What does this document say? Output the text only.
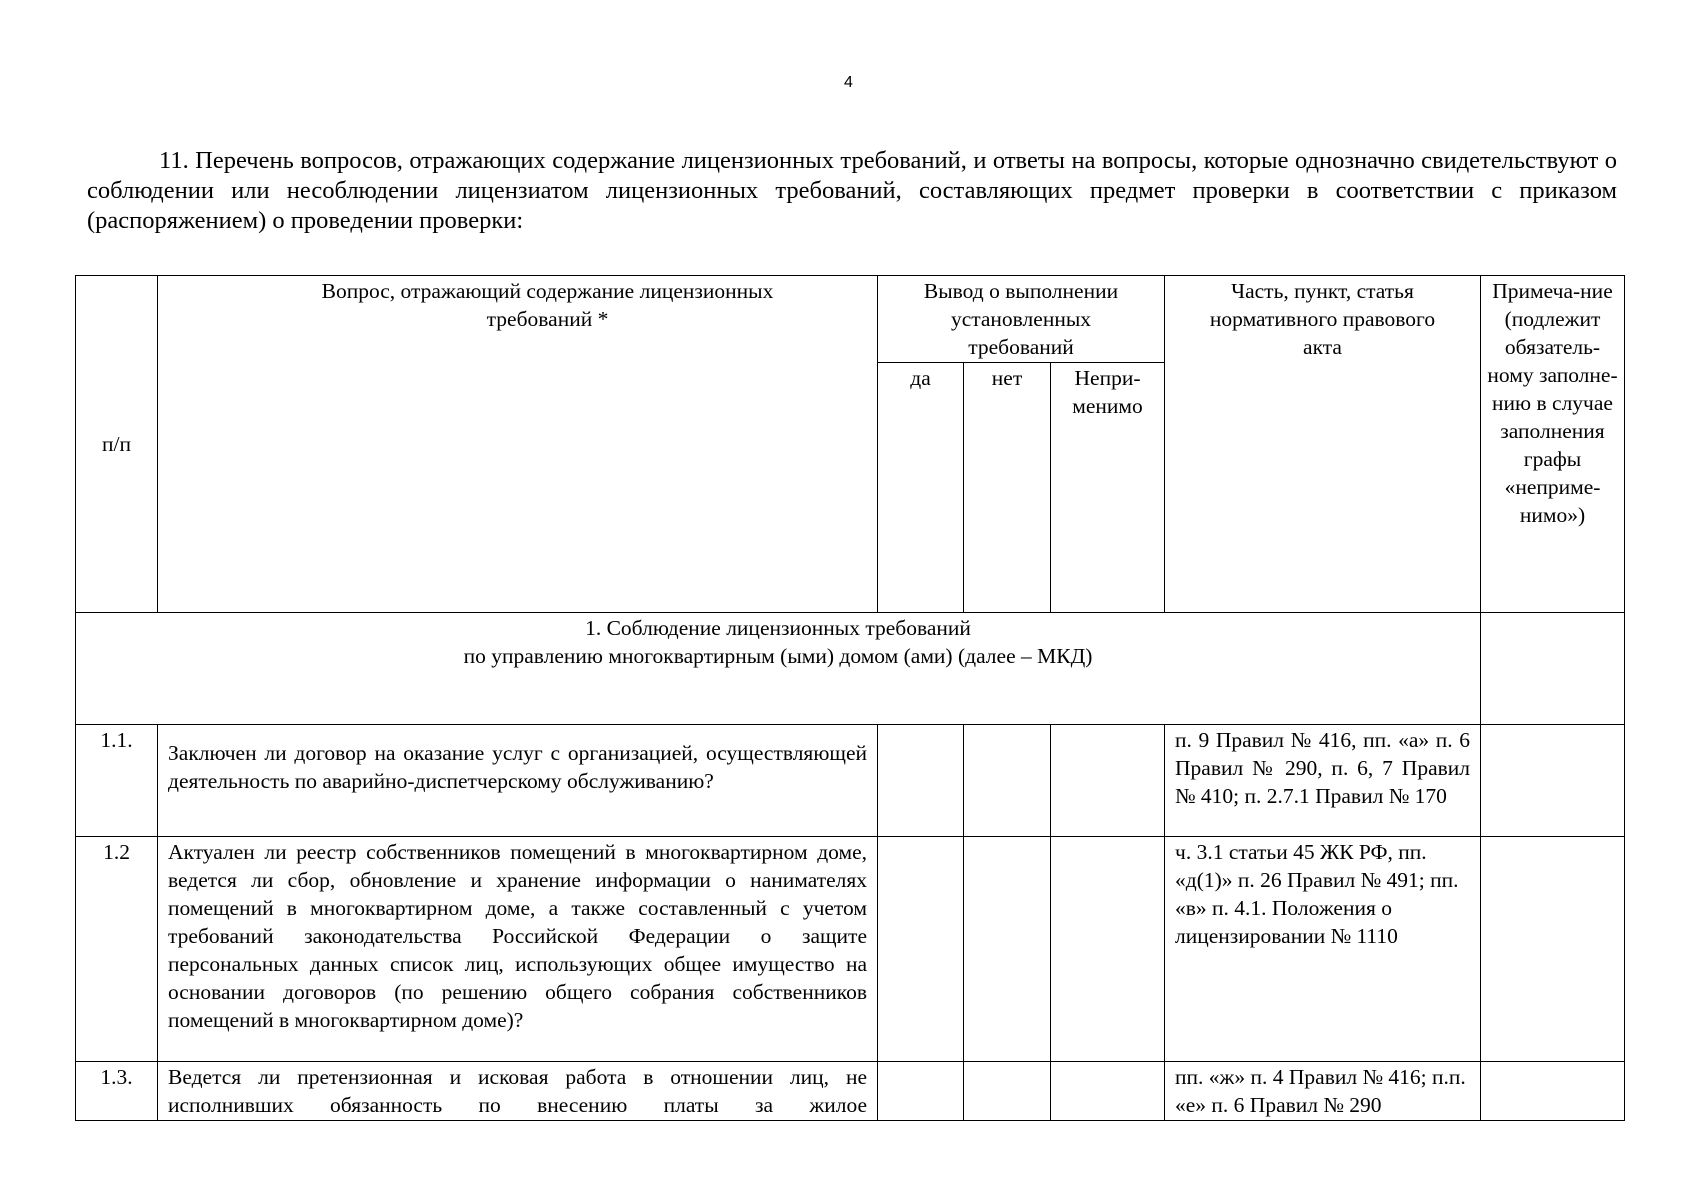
4

11. Перечень вопросов, отражающих содержание лицензионных требований, и ответы на вопросы, которые однозначно свидетельствуют о соблюдении или несоблюдении лицензиатом лицензионных требований, составляющих предмет проверки в соответствии с приказом (распоряжением) о проведении проверки:

п/п	Вопрос, отражающий содержание лицензионных требований *	Вывод о выполнении установленных требований			Часть, пункт, статья нормативного правового акта	Примеча-ние (подлежит обязатель-ному заполне-нию в случае заполнения графы «неприме-нимо»)
		да	нет	Непри-менимо		

1. Соблюдение лицензионных требований
по управлению многоквартирным (ыми) домом (ами) (далее – МКД)						

1.1.	Заключен ли договор на оказание услуг с организацией, осуществляющей деятельность по аварийно-диспетчерскому обслуживанию?				п. 9 Правил № 416, пп. «а» п. 6 Правил № 290, п. 6, 7 Правил № 410; п. 2.7.1 Правил № 170	
1.2	Актуален ли реестр собственников помещений в многоквартирном доме, ведется ли сбор, обновление и хранение информации о нанимателях помещений в многоквартирном доме, а также составленный с учетом требований законодательства Российской Федерации о защите персональных данных список лиц, использующих общее имущество на основании договоров (по решению общего собрания собственников помещений в многоквартирном доме)?				ч. 3.1 статьи 45 ЖК РФ, пп. «д(1)» п. 26 Правил № 491; пп. «в» п. 4.1. Положения о лицензировании № 1110	
1.3.	Ведется ли претензионная и исковая работа в отношении лиц, не исполнивших обязанность по внесению платы за жилое				пп. «ж» п. 4 Правил № 416; п.п. «е» п. 6 Правил № 290	
